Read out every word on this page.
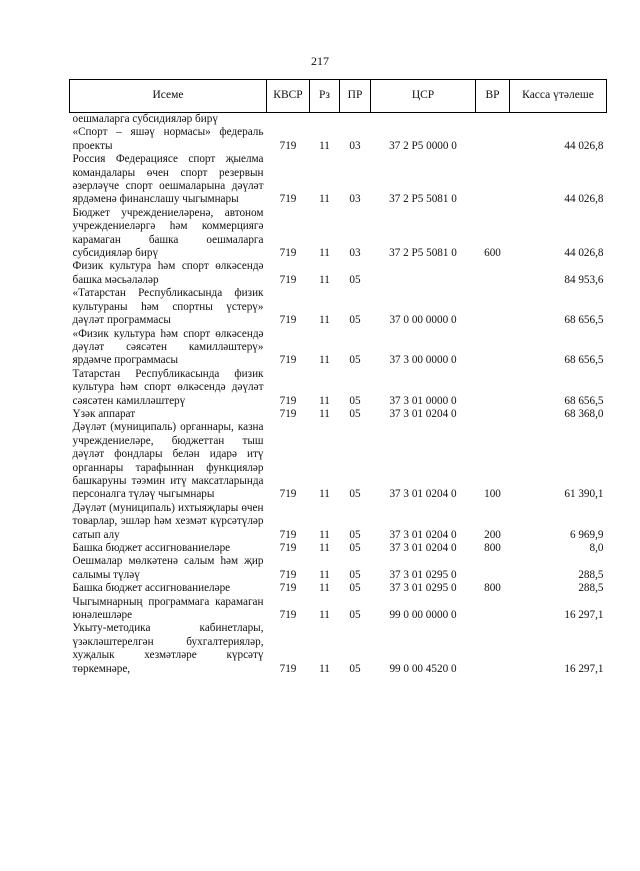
217
Исеме	КВСР	Рз	ПР	ЦСР	ВР	Касса үтәлеше
оешмаларга субсидияләр бирү						
«Спорт – яшәү нормасы» федераль проекты	719	11	03	37 2 P5 0000 0		44 026,8
Россия Федерациясе спорт җыелма командалары өчен спорт резервын әзерләүче спорт оешмаларына дәүләт ярдәменә финанслашу чыгымнары	719	11	03	37 2 P5 5081 0		44 026,8
Бюджет учреждениеләренә, автоном учреждениеләргә һәм коммерциягә карамаган башка оешмаларга субсидияләр бирү	719	11	03	37 2 P5 5081 0	600	44 026,8
Физик культура һәм спорт өлкәсендә башка мәсьәләләр	719	11	05			84 953,6
«Татарстан Республикасында физик культураны һәм спортны үстерү» дәүләт программасы	719	11	05	37 0 00 0000 0		68 656,5
«Физик культура һәм спорт өлкәсендә дәүләт сәясәтен камилләштерү» ярдәмче программасы	719	11	05	37 3 00 0000 0		68 656,5
Татарстан Республикасында физик культура һәм спорт өлкәсендә дәүләт сәясәтен камилләштерү	719	11	05	37 3 01 0000 0		68 656,5
Үзәк аппарат	719	11	05	37 3 01 0204 0		68 368,0
Дәүләт (муниципаль) органнары, казна учреждениеләре, бюджеттан тыш дәүләт фондлары белән идарә итү органнары тарафыннан функцияләр башкаруны тәэмин итү максатларында персоналга түләү чыгымнары	719	11	05	37 3 01 0204 0	100	61 390,1
Дәүләт (муниципаль) ихтыяҗлары өчен товарлар, эшләр һәм хезмәт күрсәтүләр сатып алу	719	11	05	37 3 01 0204 0	200	6 969,9
Башка бюджет ассигнованиеләре	719	11	05	37 3 01 0204 0	800	8,0
Оешмалар мөлкәтенә салым һәм җир салымы түләү	719	11	05	37 3 01 0295 0		288,5
Башка бюджет ассигнованиеләре	719	11	05	37 3 01 0295 0	800	288,5
Чыгымнарның программага карамаган юнәлешләре	719	11	05	99 0 00 0000 0		16 297,1
Укыту-методика кабинетлары, үзәкләштерелгән бухгалтерияләр, хуҗалык хезмәтләре күрсәтү төркемнәре,	719	11	05	99 0 00 4520 0		16 297,1
